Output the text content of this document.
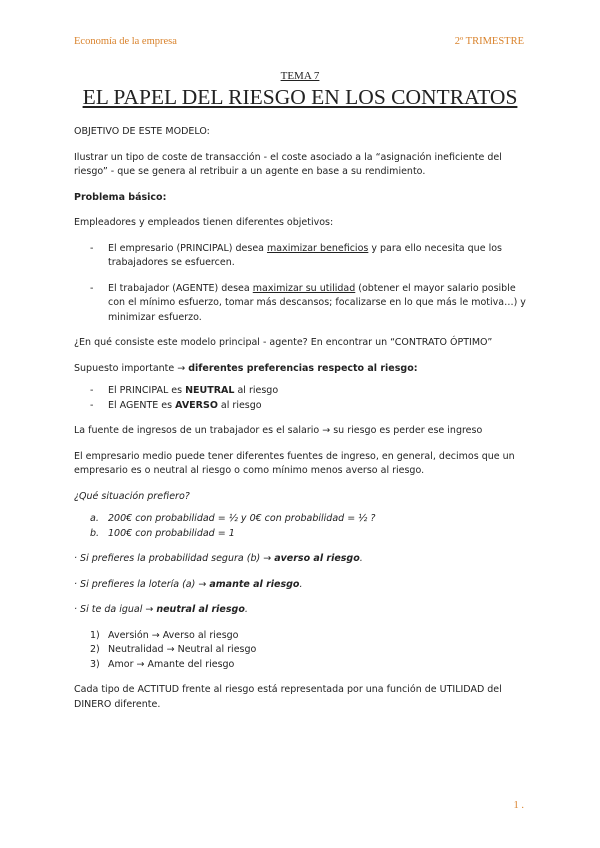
Economía de la empresa	2º TRIMESTRE
TEMA 7
EL PAPEL DEL RIESGO EN LOS CONTRATOS

OBJETIVO DE ESTE MODELO:

Ilustrar un tipo de coste de transacción - el coste asociado a la “asignación ineficiente del riesgo” - que se genera al retribuir a un agente en base a su rendimiento.

Problema básico:

Empleadores y empleados tienen diferentes objetivos:

- El empresario (PRINCIPAL) desea maximizar beneficios y para ello necesita que los trabajadores se esfuercen.
- El trabajador (AGENTE) desea maximizar su utilidad (obtener el mayor salario posible con el mínimo esfuerzo, tomar más descansos; focalizarse en lo que más le motiva…) y minimizar esfuerzo.

¿En qué consiste este modelo principal - agente? En encontrar un “CONTRATO ÓPTIMO”

Supuesto importante → diferentes preferencias respecto al riesgo:

- El PRINCIPAL es NEUTRAL al riesgo
- El AGENTE es AVERSO al riesgo

La fuente de ingresos de un trabajador es el salario → su riesgo es perder ese ingreso

El empresario medio puede tener diferentes fuentes de ingreso, en general, decimos que un empresario es o neutral al riesgo o como mínimo menos averso al riesgo.

¿Qué situación prefiero?

a. 200€ con probabilidad = ½ y 0€ con probabilidad = ½ ?
b. 100€ con probabilidad = 1

· Si prefieres la probabilidad segura (b) → averso al riesgo.

· Si prefieres la lotería (a) → amante al riesgo.

· Si te da igual → neutral al riesgo.

1) Aversión → Averso al riesgo
2) Neutralidad → Neutral al riesgo
3) Amor → Amante del riesgo

Cada tipo de ACTITUD frente al riesgo está representada por una función de UTILIDAD del DINERO diferente.

1 .
